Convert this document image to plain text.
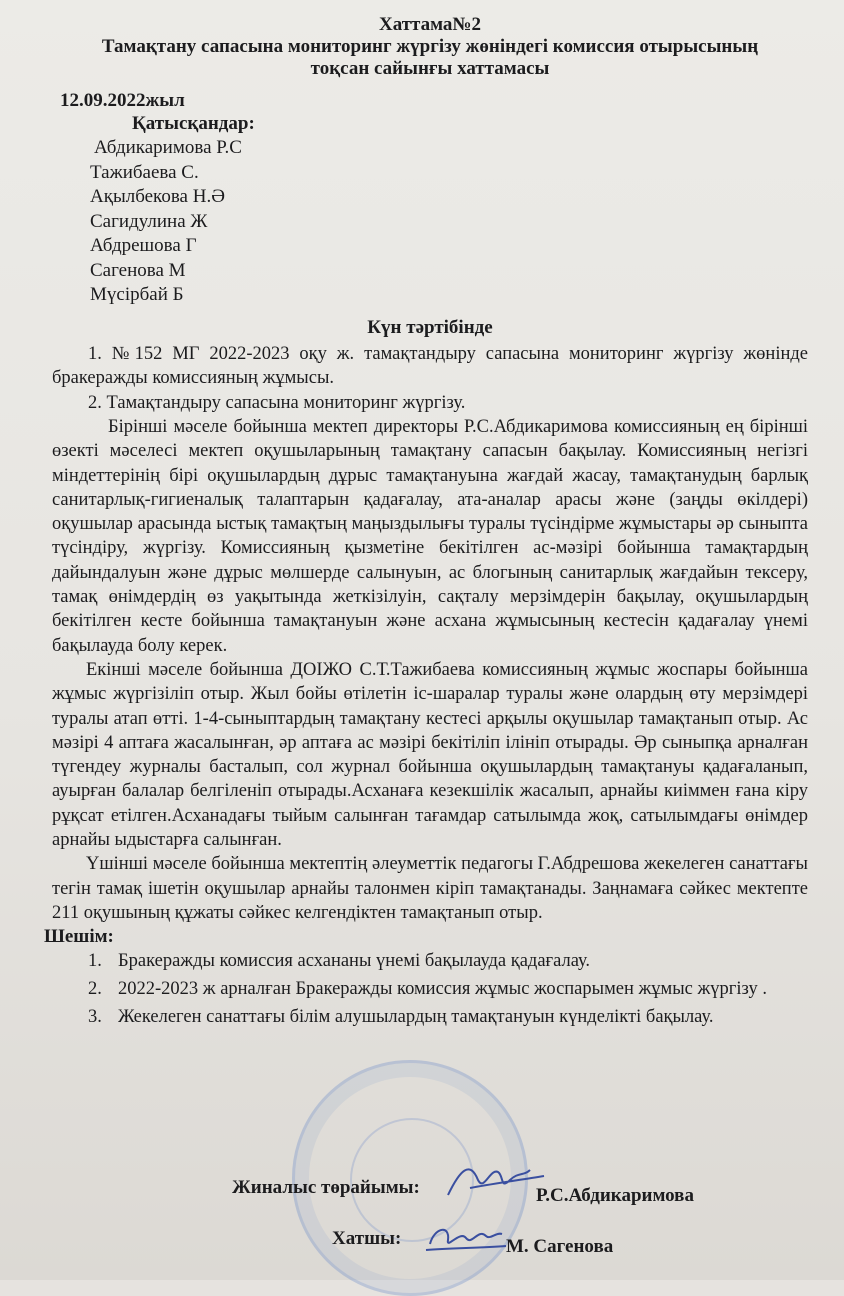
Хаттама№2
Тамақтану сапасына мониторинг жүргізу жөніндегі комиссия отырысының
тоқсан сайынғы хаттамасы
12.09.2022жыл
Қатысқандар:
Абдикаримова Р.С
Тажибаева С.
Ақылбекова Н.Ә
Сагидулина Ж
Абдрешова Г
Сагенова М
Мүсірбай Б
Күн тәртібінде

1. №152 МГ 2022-2023 оқу ж. тамақтандыру сапасына мониторинг жүргізу жөнінде бракеражды комиссияның жұмысы.

2. Тамақтандыру сапасына мониторинг жүргізу.

Бірінші мәселе бойынша мектеп директоры Р.С.Абдикаримова комиссияның ең бірінші өзекті мәселесі мектеп оқушыларының тамақтану сапасын бақылау. Комиссияның негізгі міндеттерінің бірі оқушылардың дұрыс тамақтануына жағдай жасау, тамақтанудың барлық санитарлық-гигиеналық талаптарын қадағалау, ата-аналар арасы және (заңды өкілдері) оқушылар арасында ыстық тамақтың маңыздылығы туралы түсіндірме жұмыстары әр сыныпта түсіндіру, жүргізу. Комиссияның қызметіне бекітілген ас-мәзірі бойынша тамақтардың дайындалуын және дұрыс мөлшерде салынуын, ас блогының санитарлық жағдайын тексеру, тамақ өнімдердің өз уақытында жеткізілуін, сақталу мерзімдерін бақылау, оқушылардың бекітілген кесте бойынша тамақтануын және асхана жұмысының кестесін қадағалау үнемі бақылауда болу керек.

Екінші мәселе бойынша ДОІЖО С.Т.Тажибаева комиссияның жұмыс жоспары бойынша жұмыс жүргізіліп отыр. Жыл бойы өтілетін іс-шаралар туралы және олардың өту мерзімдері туралы атап өтті. 1-4-сыныптардың тамақтану кестесі арқылы оқушылар тамақтанып отыр. Ас мәзірі 4 аптаға жасалынған, әр аптаға ас мәзірі бекітіліп ілініп отырады. Әр сыныпқа арналған түгендеу журналы басталып, сол журнал бойынша оқушылардың тамақтануы қадағаланып, ауырған балалар белгіленіп отырады.Асханаға кезекшілік жасалып, арнайы киіммен ғана кіру рұқсат етілген.Асханадағы тыйым салынған тағамдар сатылымда жоқ, сатылымдағы өнімдер арнайы ыдыстарға салынған.

Үшінші мәселе бойынша мектептің әлеуметтік педагогы Г.Абдрешова жекелеген санаттағы тегін тамақ ішетін оқушылар арнайы талонмен кіріп тамақтанады. Заңнамаға сәйкес мектепте 211 оқушының құжаты сәйкес келгендіктен тамақтанып отыр.

Шешім:
1. Бракеражды комиссия асхананы үнемі бақылауда қадағалау.
2. 2022-2023 ж арналған Бракеражды комиссия жұмыс жоспарымен жұмыс жүргізу .
3. Жекелеген санаттағы білім алушылардың тамақтануын күнделікті бақылау.
Жиналыс төрайымы:	Р.С.Абдикаримова
Хатшы:	М. Сагенова
